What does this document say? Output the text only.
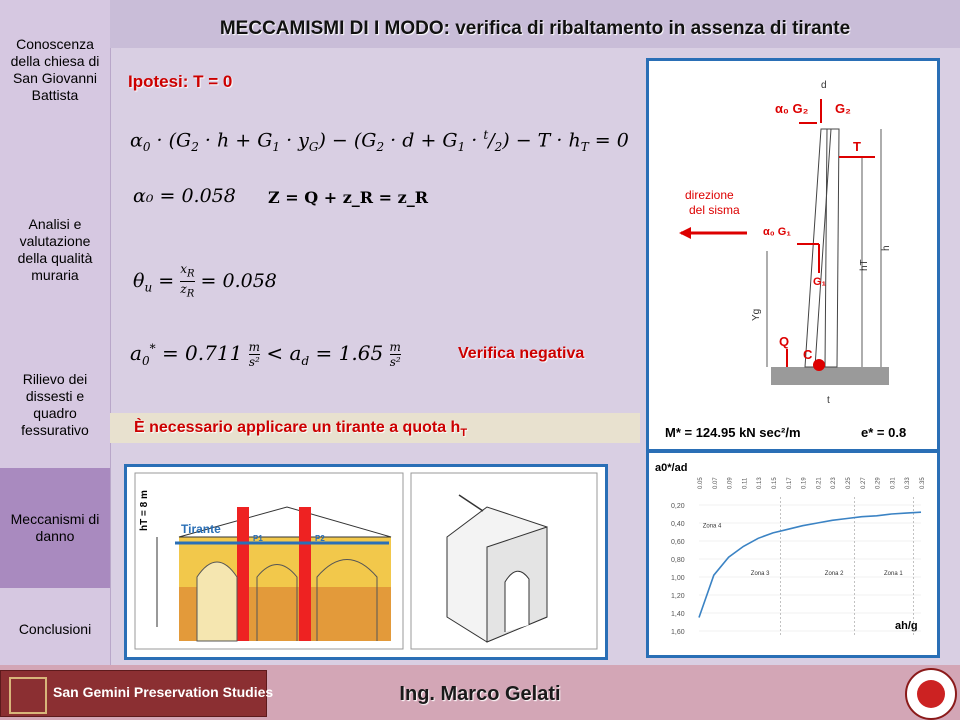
Conoscenza della chiesa di San Giovanni Battista
Analisi e valutazione della qualità muraria
Rilievo dei dissesti e quadro fessurativo
Meccanismi di danno
Conclusioni
MECCAMISMI DI I MODO: verifica di ribaltamento in assenza di tirante
Ipotesi: T = 0
$\alpha_0 \cdot (G_2 \cdot h + G_1 \cdot y_G) - (G_2 \cdot d + G_1 \cdot ^t/_2) - T \cdot h_T = 0$
α₀ = 0.058 Z = Q + z_R = z_R
$\theta_u = \frac{x_R}{z_R} = 0.058$
$a_0^* = 0.711 \frac{m}{\text{s²}} < a_d = 1.65 \frac{m}{\text{s²}}$	Verifica negativa
È necessario applicare un tirante a quota $h_T$
direzione
del sisma
d
α₀ G₂ G₂
T
α₀ G₁
G₁
hT
h
Yg
Q
C
t
M* = 124.95 kN sec²/m	e* = 0.8
a0*/ad
ah/g
0.05 0.07 0.09 0.11 0.13 0.15 0.17 0.19 0.21 0.23 0.25 0.27 0.29 0.31 0.33 0.35
0,20
0,40
0,60
0,80
1,00
1,20
1,40
1,60
Zona 4
Zona 3	Zona 2	Zona 1
hT = 8 m	Tirante
P1	P2
San Gemini Preservation Studies	Ing. Marco Gelati
